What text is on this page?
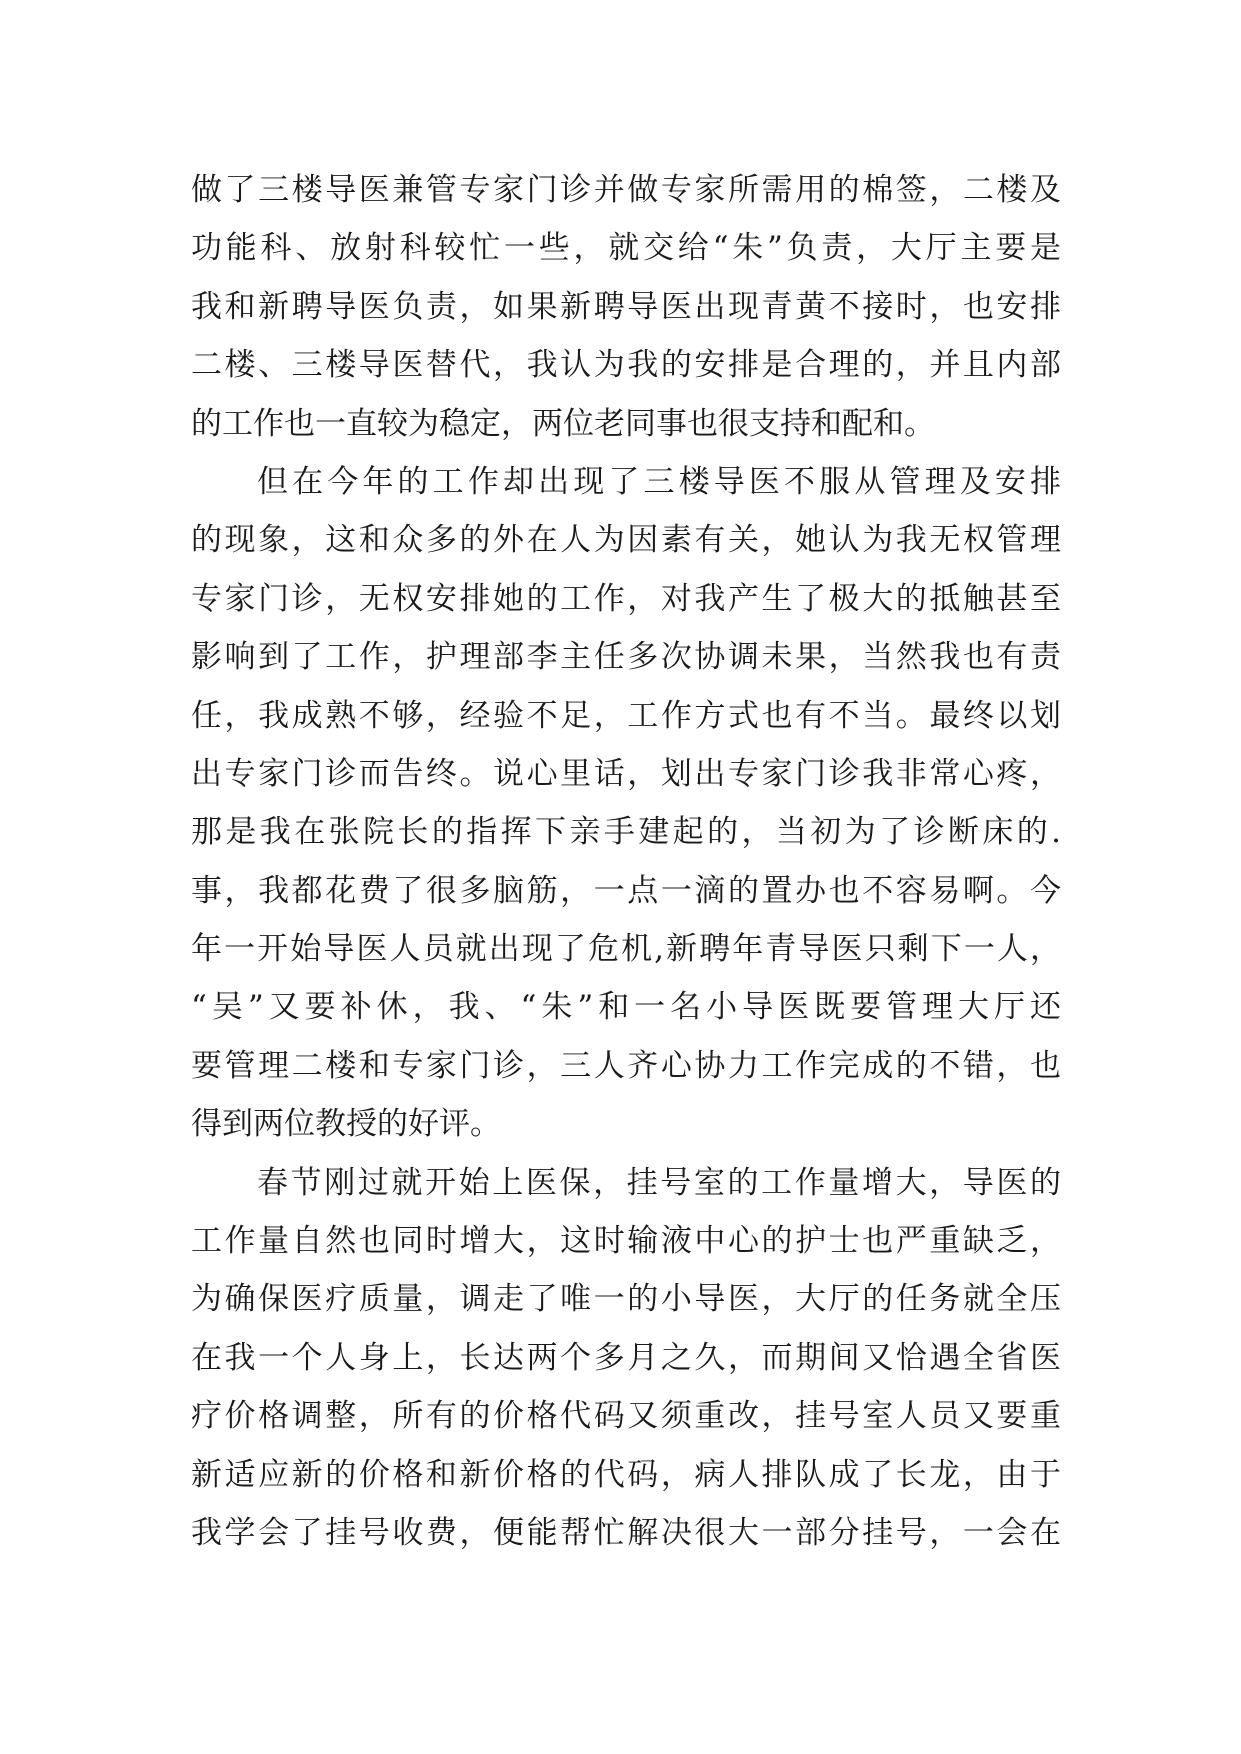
做了三楼导医兼管专家门诊并做专家所需用的棉签，二楼及
功能科、放射科较忙一些，就交给“朱”负责，大厅主要是
我和新聘导医负责，如果新聘导医出现青黄不接时，也安排
二楼、三楼导医替代，我认为我的安排是合理的，并且内部
的工作也一直较为稳定，两位老同事也很支持和配和。
但在今年的工作却出现了三楼导医不服从管理及安排
的现象，这和众多的外在人为因素有关，她认为我无权管理
专家门诊，无权安排她的工作，对我产生了极大的抵触甚至
影响到了工作，护理部李主任多次协调未果，当然我也有责
任，我成熟不够，经验不足，工作方式也有不当。最终以划
出专家门诊而告终。说心里话，划出专家门诊我非常心疼，
那是我在张院长的指挥下亲手建起的，当初为了诊断床的.
事，我都花费了很多脑筋，一点一滴的置办也不容易啊。今
年一开始导医人员就出现了危机,新聘年青导医只剩下一人，
“吴”又要补休，我、“朱”和一名小导医既要管理大厅还
要管理二楼和专家门诊，三人齐心协力工作完成的不错，也
得到两位教授的好评。
春节刚过就开始上医保，挂号室的工作量增大，导医的
工作量自然也同时增大，这时输液中心的护士也严重缺乏，
为确保医疗质量，调走了唯一的小导医，大厅的任务就全压
在我一个人身上，长达两个多月之久，而期间又恰遇全省医
疗价格调整，所有的价格代码又须重改，挂号室人员又要重
新适应新的价格和新价格的代码，病人排队成了长龙，由于
我学会了挂号收费，便能帮忙解决很大一部分挂号，一会在
